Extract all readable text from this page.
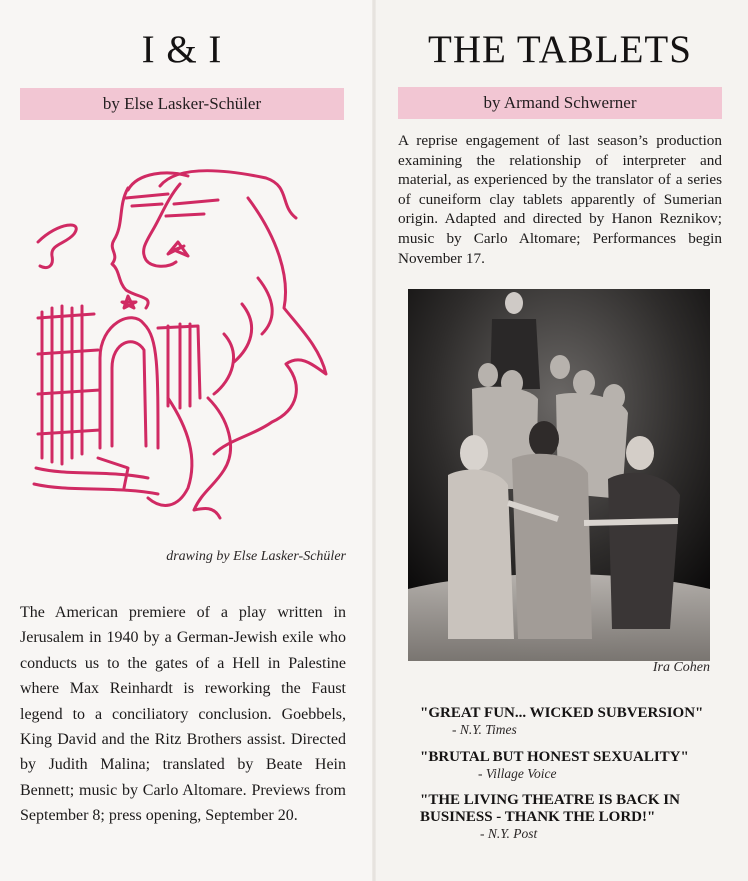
I & I
by Else Lasker-Schüler
drawing by Else Lasker-Schüler
The American premiere of a play written in Jerusalem in 1940 by a German-Jewish exile who conducts us to the gates of a Hell in Palestine where Max Reinhardt is reworking the Faust legend to a conciliatory conclusion. Goebbels, King David and the Ritz Brothers assist. Directed by Judith Malina; translated by Beate Hein Bennett; music by Carlo Altomare. Previews from September 8; press opening, September 20.
THE TABLETS
by Armand Schwerner
A reprise engagement of last season’s production examining the relationship of interpreter and material, as experienced by the translator of a series of cuneiform clay tablets apparently of Sumerian origin. Adapted and directed by Hanon Reznikov; music by Carlo Altomare; Performances begin November 17.
Ira Cohen
"GREAT FUN... WICKED SUBVERSION"
- N.Y. Times
"BRUTAL BUT HONEST SEXUALITY"
- Village Voice
"THE LIVING THEATRE IS BACK IN BUSINESS - THANK THE LORD!"
- N.Y. Post
